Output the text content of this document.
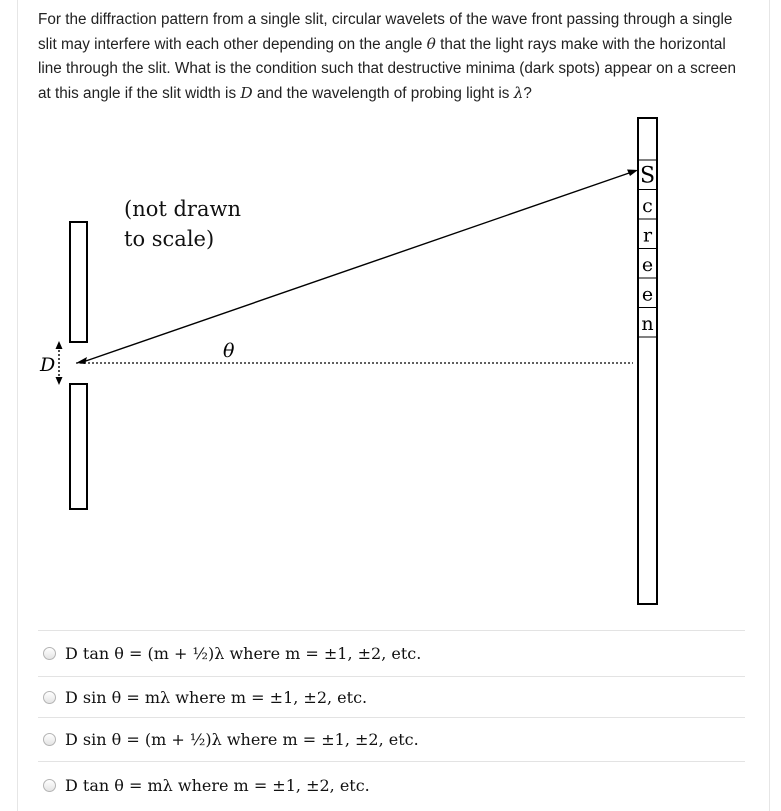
For the diffraction pattern from a single slit, circular wavelets of the wave front passing through a single slit may interfere with each other depending on the angle θ that the light rays make with the horizontal line through the slit. What is the condition such that destructive minima (dark spots) appear on a screen at this angle if the slit width is D and the wavelength of probing light is λ?
D
θ
(not drawn
to scale)
S
c
r
e
e
n
D tan θ = (m + ½)λ where m = ±1, ±2, etc.
D sin θ = mλ where m = ±1, ±2, etc.
D sin θ = (m + ½)λ where m = ±1, ±2, etc.
D tan θ = mλ where m = ±1, ±2, etc.
